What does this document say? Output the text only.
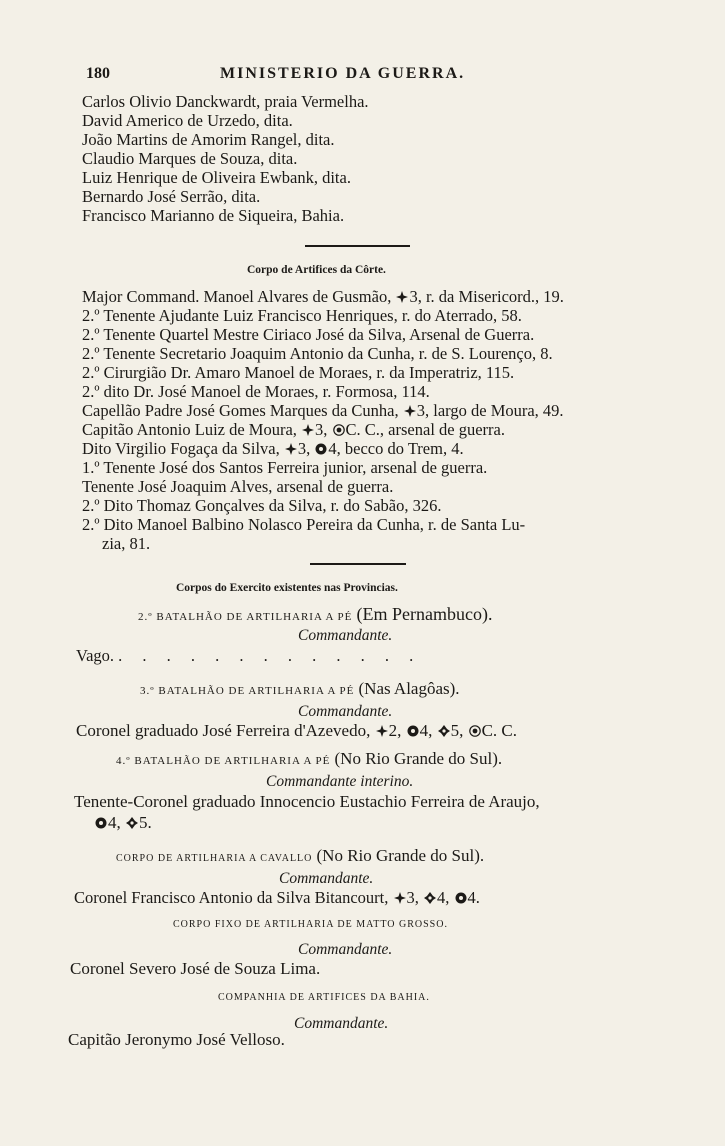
180	MINISTERIO DA GUERRA.
Carlos Olivio Danckwardt, praia Vermelha.
David Americo de Urzedo, dita.
João Martins de Amorim Rangel, dita.
Claudio Marques de Souza, dita.
Luiz Henrique de Oliveira Ewbank, dita.
Bernardo José Serrão, dita.
Francisco Marianno de Siqueira, Bahia.
Corpo de Artifices da Côrte.
Major Command. Manoel Alvares de Gusmão, 3, r. da Misericord., 19.
2.º Tenente Ajudante Luiz Francisco Henriques, r. do Aterrado, 58.
2.º Tenente Quartel Mestre Ciriaco José da Silva, Arsenal de Guerra.
2.º Tenente Secretario Joaquim Antonio da Cunha, r. de S. Lourenço, 8.
2.º Cirurgião Dr. Amaro Manoel de Moraes, r. da Imperatriz, 115.
2.º dito Dr. José Manoel de Moraes, r. Formosa, 114.
Capellão Padre José Gomes Marques da Cunha, 3, largo de Moura, 49.
Capitão Antonio Luiz de Moura, 3, C. C., arsenal de guerra.
Dito Virgilio Fogaça da Silva, 3, 4, becco do Trem, 4.
1.º Tenente José dos Santos Ferreira junior, arsenal de guerra.
Tenente José Joaquim Alves, arsenal de guerra.
2.º Dito Thomaz Gonçalves da Silva, r. do Sabão, 326.
2.º Dito Manoel Balbino Nolasco Pereira da Cunha, r. de Santa Lu-
zia, 81.
Corpos do Exercito existentes nas Provincias.
2.º BATALHÃO DE ARTILHARIA A PÉ (Em Pernambuco).
Commandante.
Vago. . . . . . . . . . . . . .
3.º BATALHÃO DE ARTILHARIA A PÉ (Nas Alagôas).
Commandante.
Coronel graduado José Ferreira d'Azevedo, 2, 4, 5, C. C.
4.º BATALHÃO DE ARTILHARIA A PÉ (No Rio Grande do Sul).
Commandante interino.
Tenente-Coronel graduado Innocencio Eustachio Ferreira de Araujo,
4, 5.
CORPO DE ARTILHARIA A CAVALLO (No Rio Grande do Sul).
Commandante.
Coronel Francisco Antonio da Silva Bitancourt, 3, 4, 4.
CORPO FIXO DE ARTILHARIA DE MATTO GROSSO.
Commandante.
Coronel Severo José de Souza Lima.
COMPANHIA DE ARTIFICES DA BAHIA.
Commandante.
Capitão Jeronymo José Velloso.
